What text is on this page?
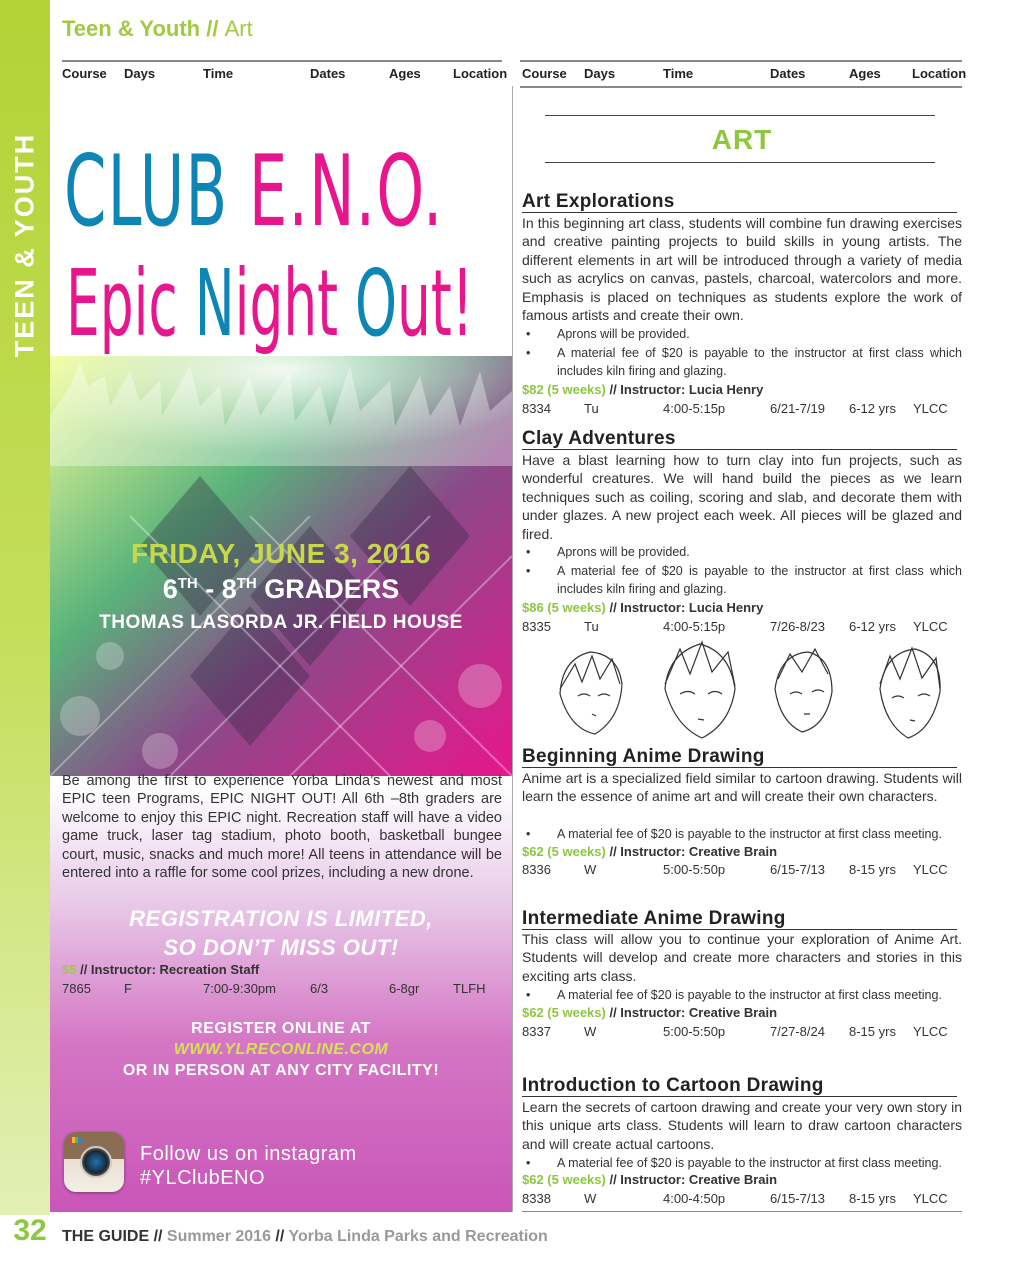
TEEN & YOUTH
32
Teen & Youth // Art
Course Days	Time	Dates	Ages Location Course Days	Time	Dates	Ages Location
CLUB E.N.O.
Epic Night Out!
FRIDAY, JUNE 3, 2016
6TH - 8TH GRADERS
THOMAS LASORDA JR. FIELD HOUSE
Be among the first to experience Yorba Linda’s newest and most EPIC teen Programs, EPIC NIGHT OUT! All 6th –8th graders are welcome to enjoy this EPIC night. Recreation staff will have a video game truck, laser tag stadium, photo booth, basketball bungee court, music, snacks and much more! All teens in attendance will be entered into a raffle for some cool prizes, including a new drone.
REGISTRATION IS LIMITED,
SO DON’T MISS OUT!
$5 // Instructor: Recreation Staff
7865	F	7:00-9:30pm	6/3	6-8gr	TLFH
REGISTER ONLINE AT
WWW.YLRECONLINE.COM
OR IN PERSON AT ANY CITY FACILITY!
Follow us on instagram
#YLClubENO
ART
Art Explorations
In this beginning art class, students will combine fun drawing exercises and creative painting projects to build skills in young artists. The different elements in art will be introduced through a variety of media such as acrylics on canvas, pastels, charcoal, watercolors and more. Emphasis is placed on techniques as students explore the work of famous artists and create their own.
• Aprons will be provided.
• A material fee of $20 is payable to the instructor at first class which includes kiln firing and glazing.
$82 (5 weeks) // Instructor: Lucia Henry
8334	Tu	4:00-5:15p	6/21-7/19 6-12 yrs YLCC
Clay Adventures
Have a blast learning how to turn clay into fun projects, such as wonderful creatures. We will hand build the pieces as we learn techniques such as coiling, scoring and slab, and decorate them with under glazes. A new project each week. All pieces will be glazed and fired.
• Aprons will be provided.
• A material fee of $20 is payable to the instructor at first class which includes kiln firing and glazing.
$86 (5 weeks) // Instructor: Lucia Henry
8335	Tu	4:00-5:15p	7/26-8/23 6-12 yrs YLCC
Beginning Anime Drawing
Anime art is a specialized field similar to cartoon drawing. Students will learn the essence of anime art and will create their own characters.
• A material fee of $20 is payable to the instructor at first class meeting.
$62 (5 weeks) // Instructor: Creative Brain
8336	W	5:00-5:50p	6/15-7/13 8-15 yrs YLCC
Intermediate Anime Drawing
This class will allow you to continue your exploration of Anime Art. Students will develop and create more characters and stories in this exciting arts class.
• A material fee of $20 is payable to the instructor at first class meeting.
$62 (5 weeks) // Instructor: Creative Brain
8337	W	5:00-5:50p	7/27-8/24 8-15 yrs YLCC
Introduction to Cartoon Drawing
Learn the secrets of cartoon drawing and create your very own story in this unique arts class. Students will learn to draw cartoon characters and will create actual cartoons.
• A material fee of $20 is payable to the instructor at first class meeting.
$62 (5 weeks) // Instructor: Creative Brain
8338	W	4:00-4:50p	6/15-7/13 8-15 yrs YLCC
THE GUIDE // Summer 2016 // Yorba Linda Parks and Recreation
